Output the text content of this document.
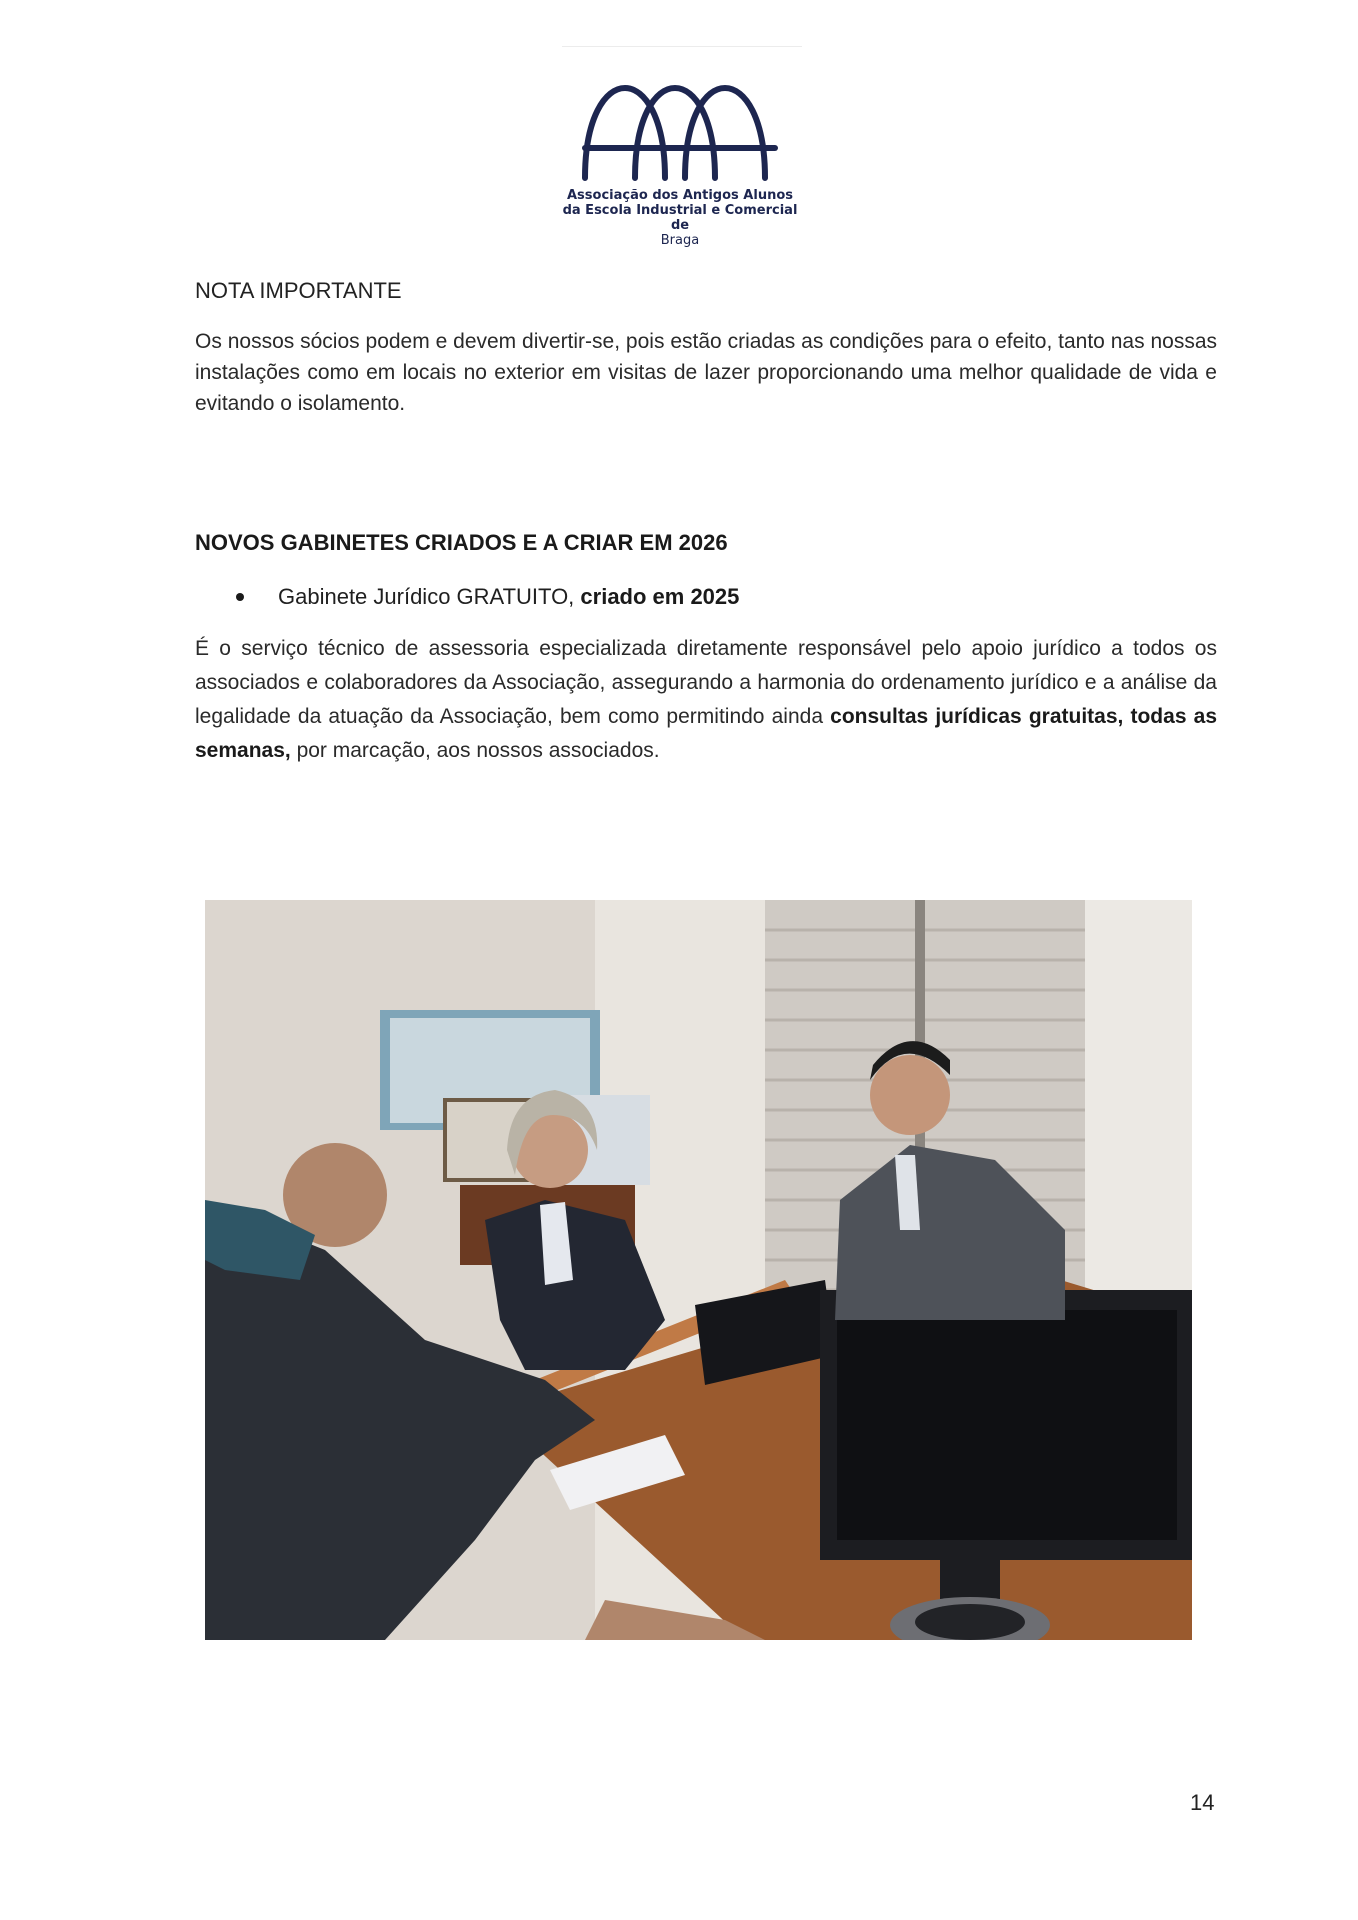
Associação dos Antigos Alunos
da Escola Industrial e Comercial
de
Braga
NOTA IMPORTANTE
Os nossos sócios podem e devem divertir-se, pois estão criadas as condições para o efeito, tanto nas nossas instalações como em locais no exterior em visitas de lazer proporcionando uma melhor qualidade de vida e evitando o isolamento.
NOVOS GABINETES CRIADOS E A CRIAR EM 2026
Gabinete Jurídico GRATUITO, criado em 2025
É o serviço técnico de assessoria especializada diretamente responsável pelo apoio jurídico a todos os associados e colaboradores da Associação, assegurando a harmonia do ordenamento jurídico e a análise da legalidade da atuação da Associação, bem como permitindo ainda consultas jurídicas gratuitas, todas as semanas, por marcação, aos nossos associados.
14
